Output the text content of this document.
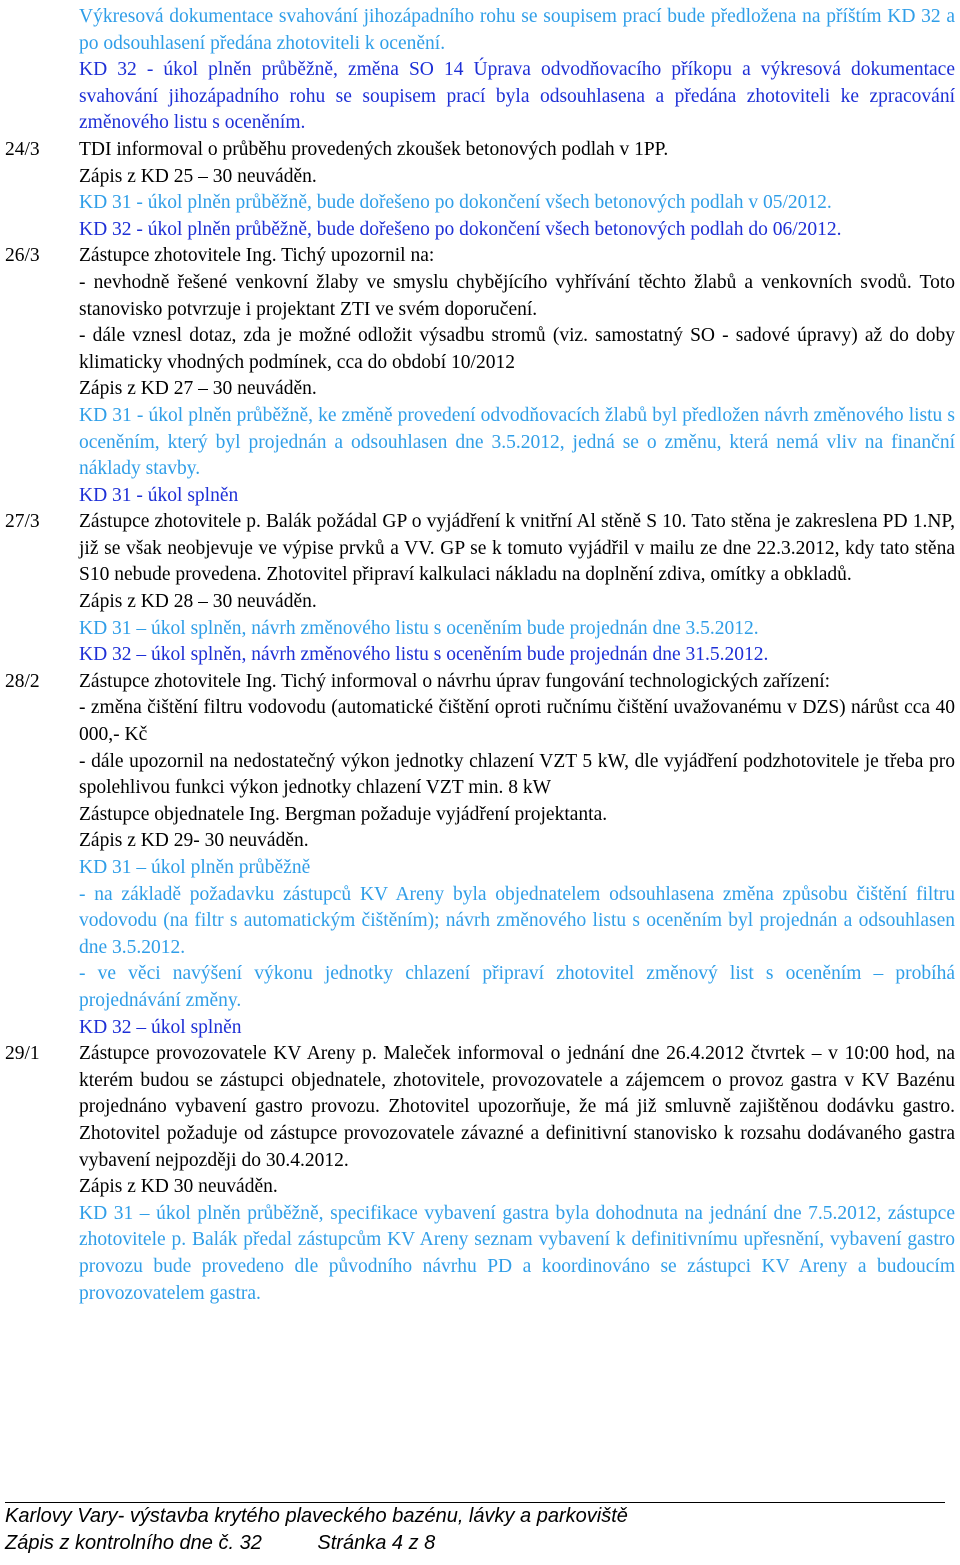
Výkresová dokumentace svahování jihozápadního rohu se soupisem prací bude předložena na příštím KD 32 a po odsouhlasení předána zhotoviteli k ocenění.

KD 32 - úkol plněn průběžně, změna SO 14 Úprava odvodňovacího příkopu a výkresová dokumentace svahování jihozápadního rohu se soupisem prací byla odsouhlasena a předána zhotoviteli ke zpracování změnového listu s oceněním.

24/3	TDI informoval o průběhu provedených zkoušek betonových podlah v 1PP.

Zápis z KD 25 – 30 neuváděn.

KD 31 - úkol plněn průběžně, bude dořešeno po dokončení všech betonových podlah v 05/2012.

KD 32 - úkol plněn průběžně, bude dořešeno po dokončení všech betonových podlah do 06/2012.

26/3	Zástupce zhotovitele Ing. Tichý upozornil na:

- nevhodně řešené venkovní žlaby ve smyslu chybějícího vyhřívání těchto žlabů a venkovních svodů. Toto stanovisko potvrzuje i projektant ZTI ve svém doporučení.

- dále vznesl dotaz, zda je možné odložit výsadbu stromů (viz. samostatný SO - sadové úpravy) až do doby klimaticky vhodných podmínek, cca do období 10/2012

Zápis z KD 27 – 30 neuváděn.

KD 31 - úkol plněn průběžně, ke změně provedení odvodňovacích žlabů byl předložen návrh změnového listu s oceněním, který byl projednán a odsouhlasen dne 3.5.2012, jedná se o změnu, která nemá vliv na finanční náklady stavby.

KD 31 - úkol splněn

27/3	Zástupce zhotovitele p. Balák požádal GP o vyjádření k vnitřní Al stěně S 10. Tato stěna je zakreslena PD 1.NP, již se však neobjevuje ve výpise prvků a VV. GP se k tomuto vyjádřil v mailu ze dne 22.3.2012, kdy tato stěna S10 nebude provedena. Zhotovitel připraví kalkulaci nákladu na doplnění zdiva, omítky a obkladů.

Zápis z KD 28 – 30 neuváděn.

KD 31 – úkol splněn, návrh změnového listu s oceněním bude projednán dne 3.5.2012.

KD 32 – úkol splněn, návrh změnového listu s oceněním bude projednán dne 31.5.2012.

28/2	Zástupce zhotovitele Ing. Tichý informoval o návrhu úprav fungování technologických zařízení:

- změna čištění filtru vodovodu (automatické čištění oproti ručnímu čištění uvažovanému v DZS) nárůst cca 40 000,- Kč

- dále upozornil na nedostatečný výkon jednotky chlazení VZT 5 kW, dle vyjádření podzhotovitele je třeba pro spolehlivou funkci výkon jednotky chlazení VZT min. 8 kW

Zástupce objednatele Ing. Bergman požaduje vyjádření projektanta.

Zápis z KD 29- 30 neuváděn.

KD 31 – úkol plněn průběžně

- na základě požadavku zástupců KV Areny byla objednatelem odsouhlasena změna způsobu čištění filtru vodovodu (na filtr s automatickým čištěním); návrh změnového listu s oceněním byl projednán a odsouhlasen dne 3.5.2012.

- ve věci navýšení výkonu jednotky chlazení připraví zhotovitel změnový list s oceněním – probíhá projednávání změny.

KD 32 – úkol splněn

29/1	Zástupce provozovatele KV Areny p. Maleček informoval o jednání dne 26.4.2012 čtvrtek – v 10:00 hod, na kterém budou se zástupci objednatele, zhotovitele, provozovatele a zájemcem o provoz gastra v KV Bazénu projednáno vybavení gastro provozu. Zhotovitel upozorňuje, že má již smluvně zajištěnou dodávku gastro. Zhotovitel požaduje od zástupce provozovatele závazné a definitivní stanovisko k rozsahu dodávaného gastra vybavení nejpozději do 30.4.2012.

Zápis z KD 30 neuváděn.

KD 31 – úkol plněn průběžně, specifikace vybavení gastra byla dohodnuta na jednání dne 7.5.2012, zástupce zhotovitele p. Balák předal zástupcům KV Areny seznam vybavení k definitivnímu upřesnění, vybavení gastro provozu bude provedeno dle původního návrhu PD a koordinováno se zástupci KV Areny a budoucím provozovatelem gastra.

Karlovy Vary- výstavba krytého plaveckého bazénu, lávky a parkoviště

Zápis z kontrolního dne č. 32	Stránka 4 z 8
